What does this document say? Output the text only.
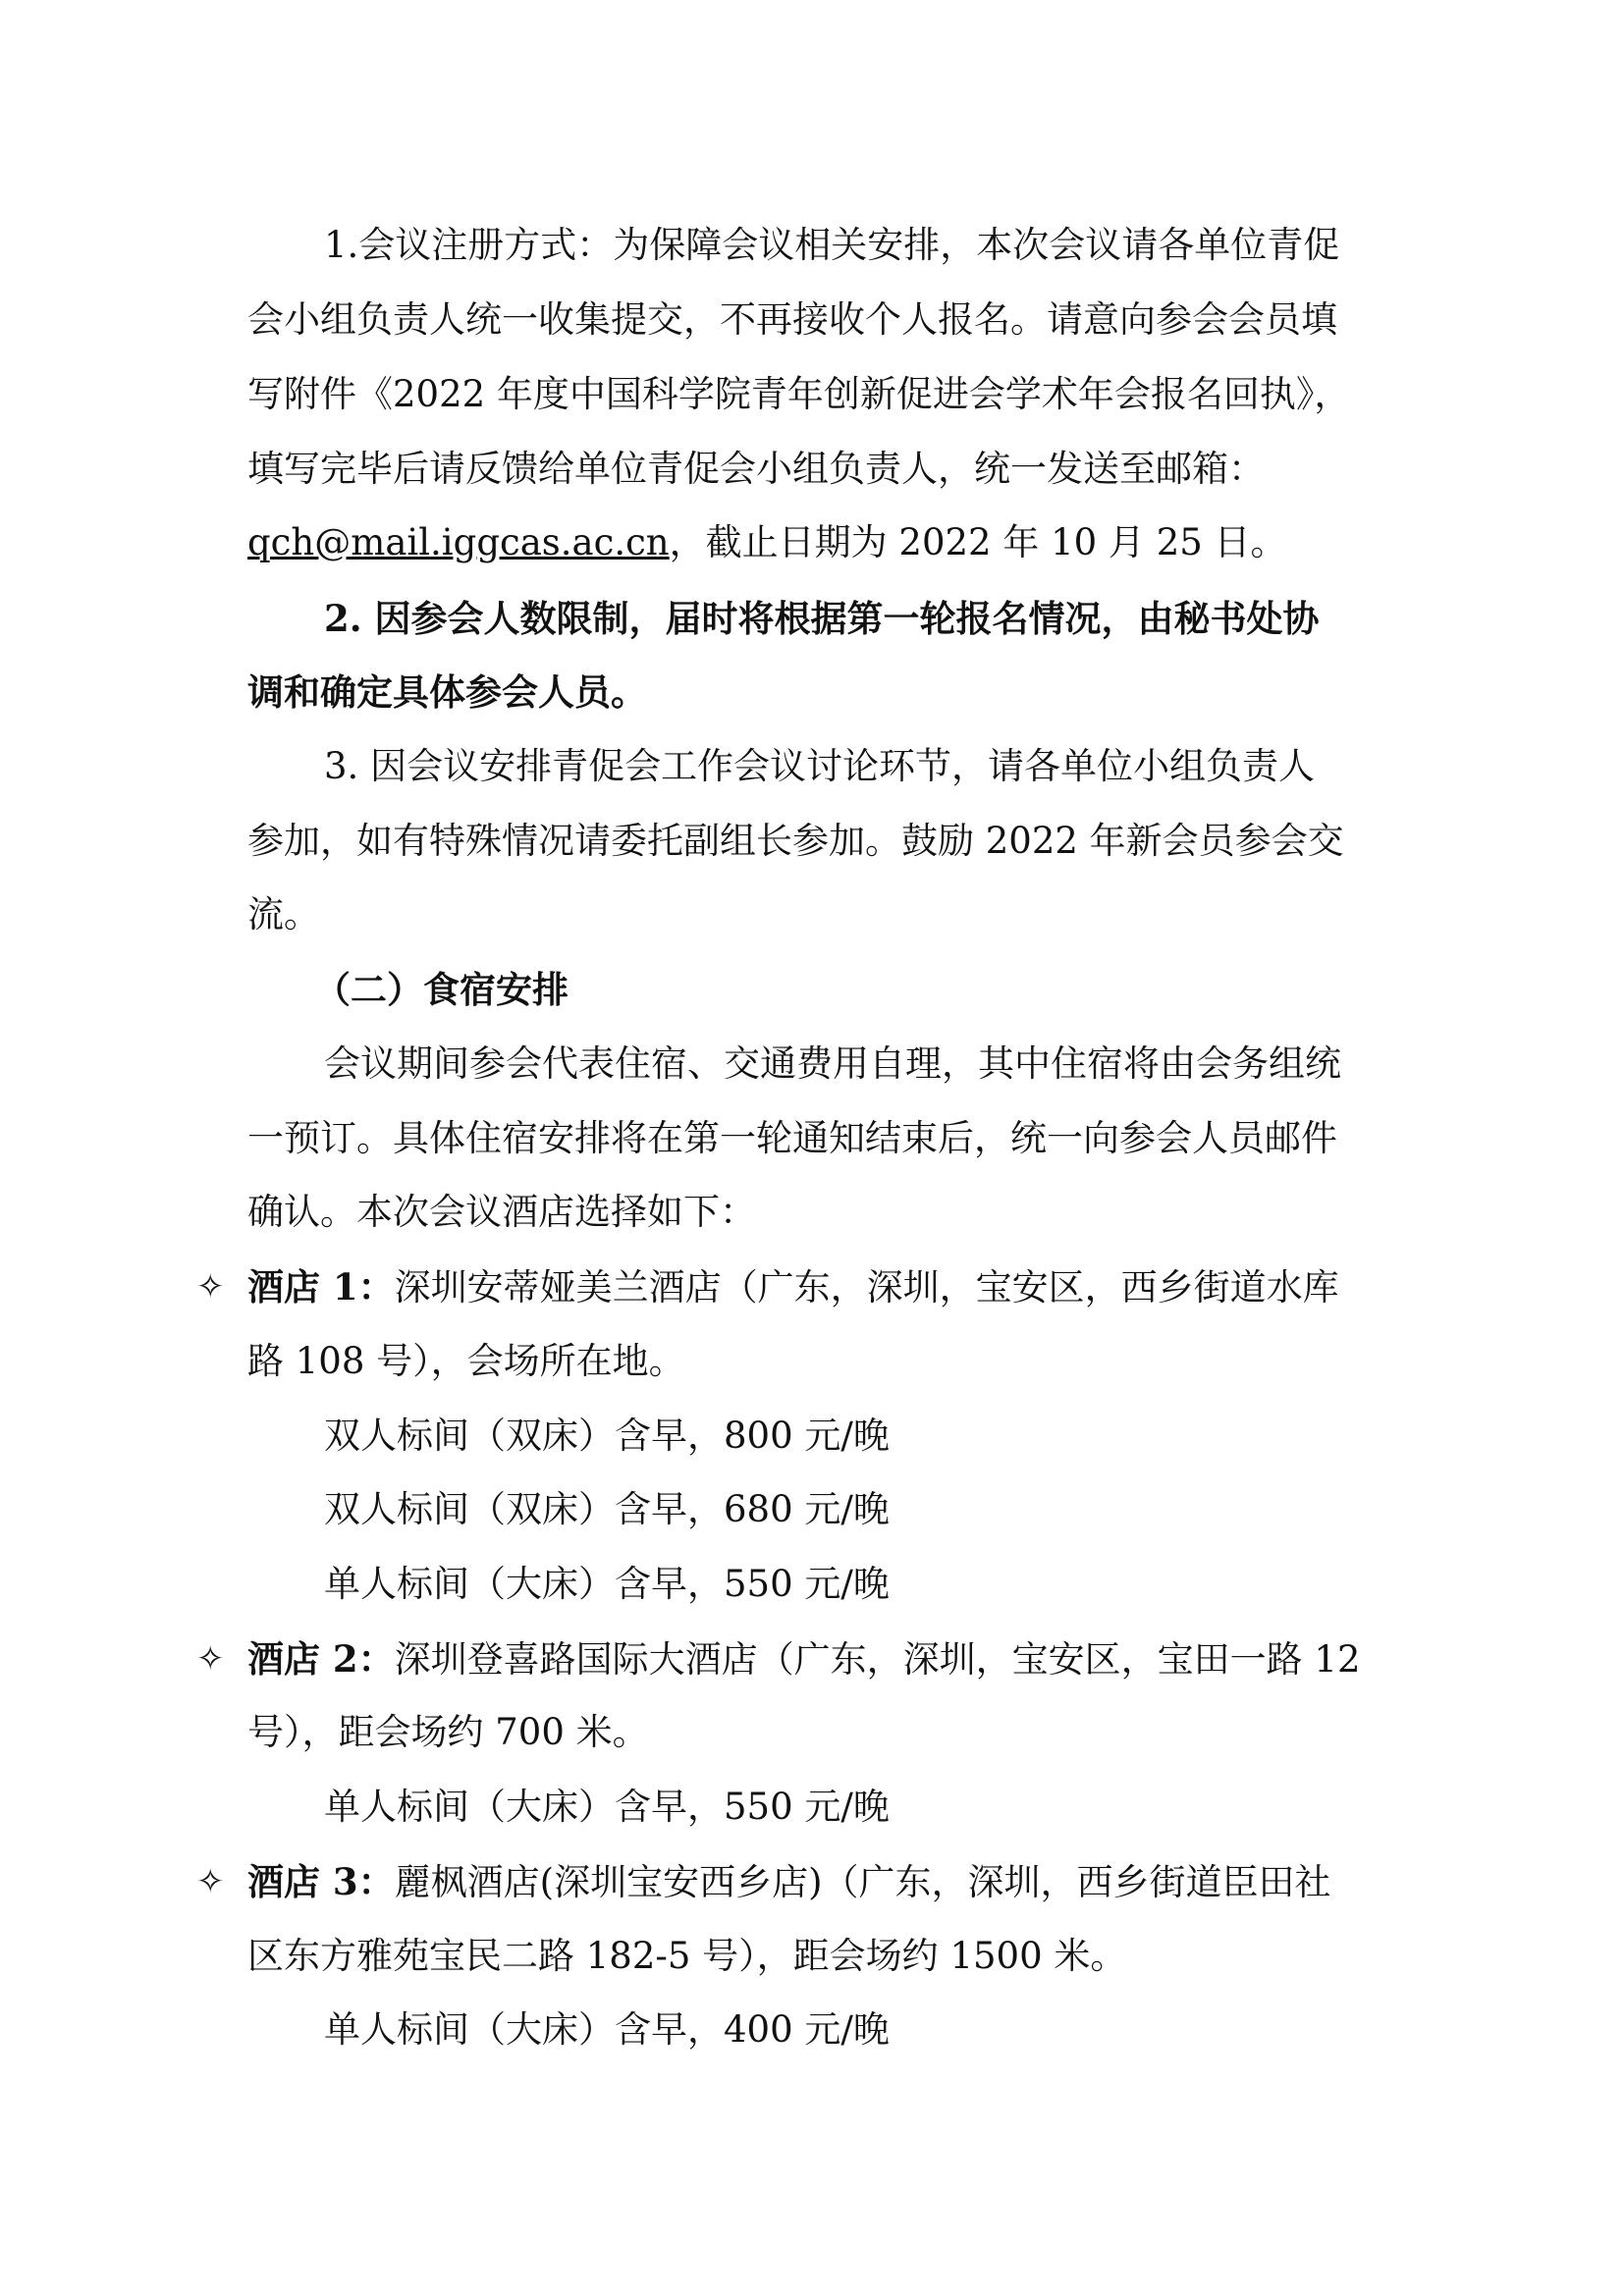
1.会议注册方式：为保障会议相关安排，本次会议请各单位青促
会小组负责人统一收集提交，不再接收个人报名。请意向参会会员填
写附件《2022 年度中国科学院青年创新促进会学术年会报名回执》，
填写完毕后请反馈给单位青促会小组负责人，统一发送至邮箱：
qch@mail.iggcas.ac.cn，截止日期为 2022 年 10 月 25 日。
2. 因参会人数限制，届时将根据第一轮报名情况，由秘书处协
调和确定具体参会人员。
3. 因会议安排青促会工作会议讨论环节，请各单位小组负责人
参加，如有特殊情况请委托副组长参加。鼓励 2022 年新会员参会交
流。
（二）食宿安排
会议期间参会代表住宿、交通费用自理，其中住宿将由会务组统
一预订。具体住宿安排将在第一轮通知结束后，统一向参会人员邮件
确认。本次会议酒店选择如下：
✧ 酒店 1：深圳安蒂娅美兰酒店（广东，深圳，宝安区，西乡街道水库
路 108 号），会场所在地。
双人标间（双床）含早，800 元/晚
双人标间（双床）含早，680 元/晚
单人标间（大床）含早，550 元/晚
✧ 酒店 2：深圳登喜路国际大酒店（广东，深圳，宝安区，宝田一路 12
号），距会场约 700 米。
单人标间（大床）含早，550 元/晚
✧ 酒店 3：麗枫酒店(深圳宝安西乡店)（广东，深圳，西乡街道臣田社
区东方雅苑宝民二路 182-5 号），距会场约 1500 米。
单人标间（大床）含早，400 元/晚
